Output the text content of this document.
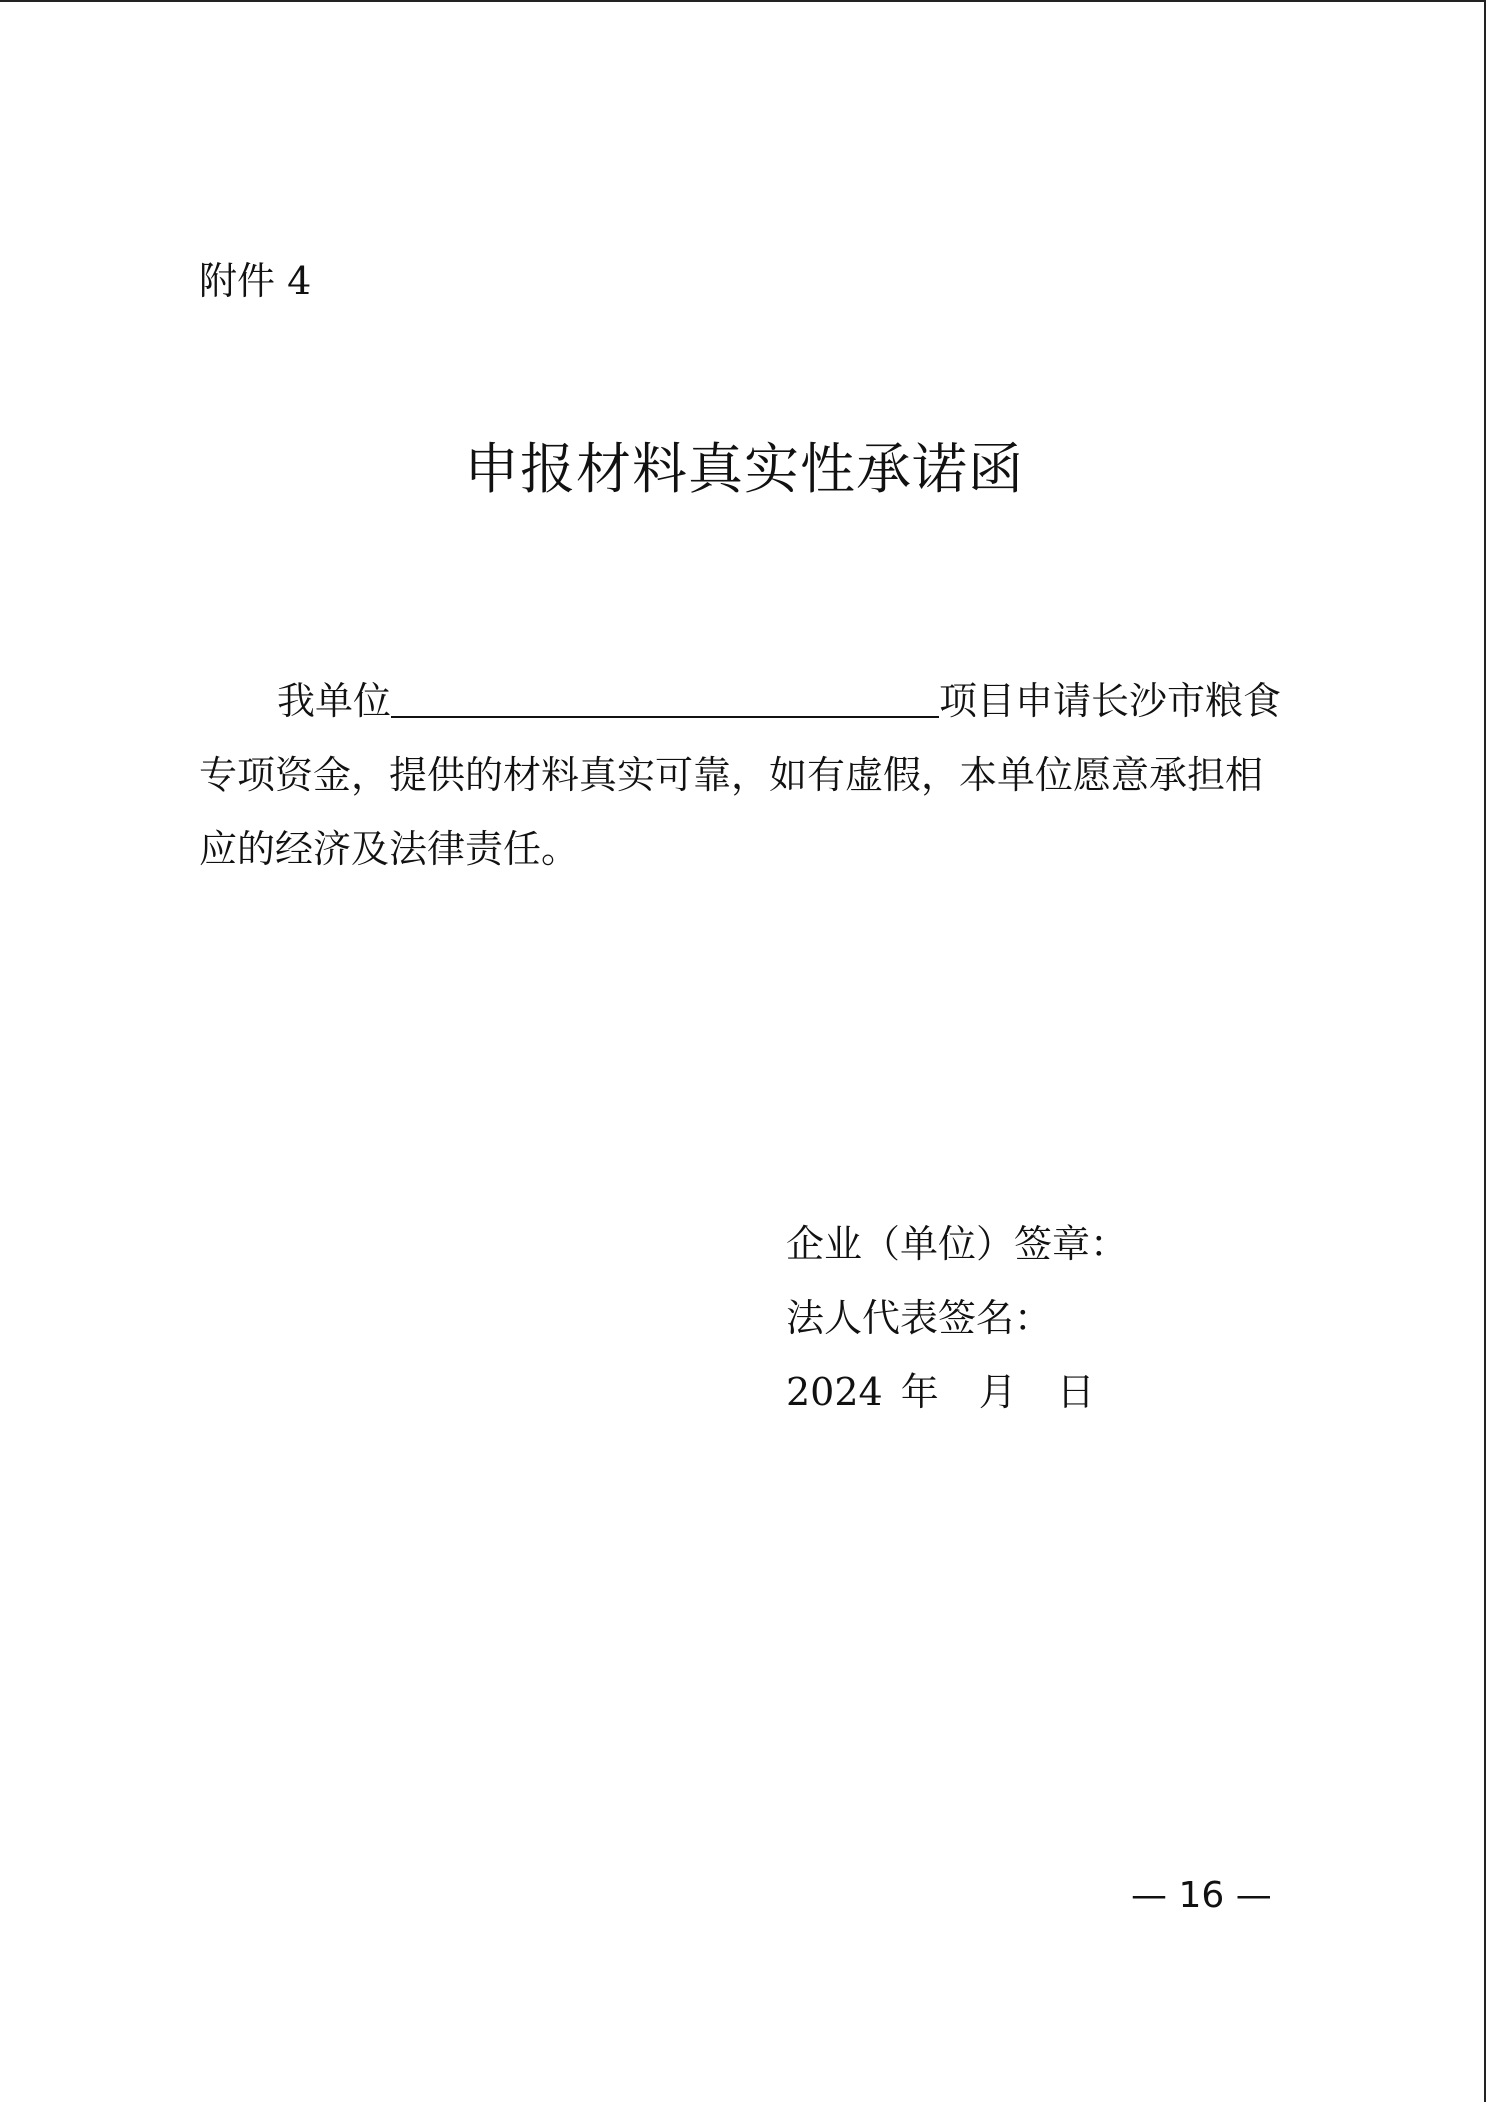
附件 4
申报材料真实性承诺函
我单位	项目申请长沙市粮食
专项资金，提供的材料真实可靠，如有虚假，本单位愿意承担相
应的经济及法律责任。
企业（单位）签章：
法人代表签名：
2024 年 月 日
— 16 —
